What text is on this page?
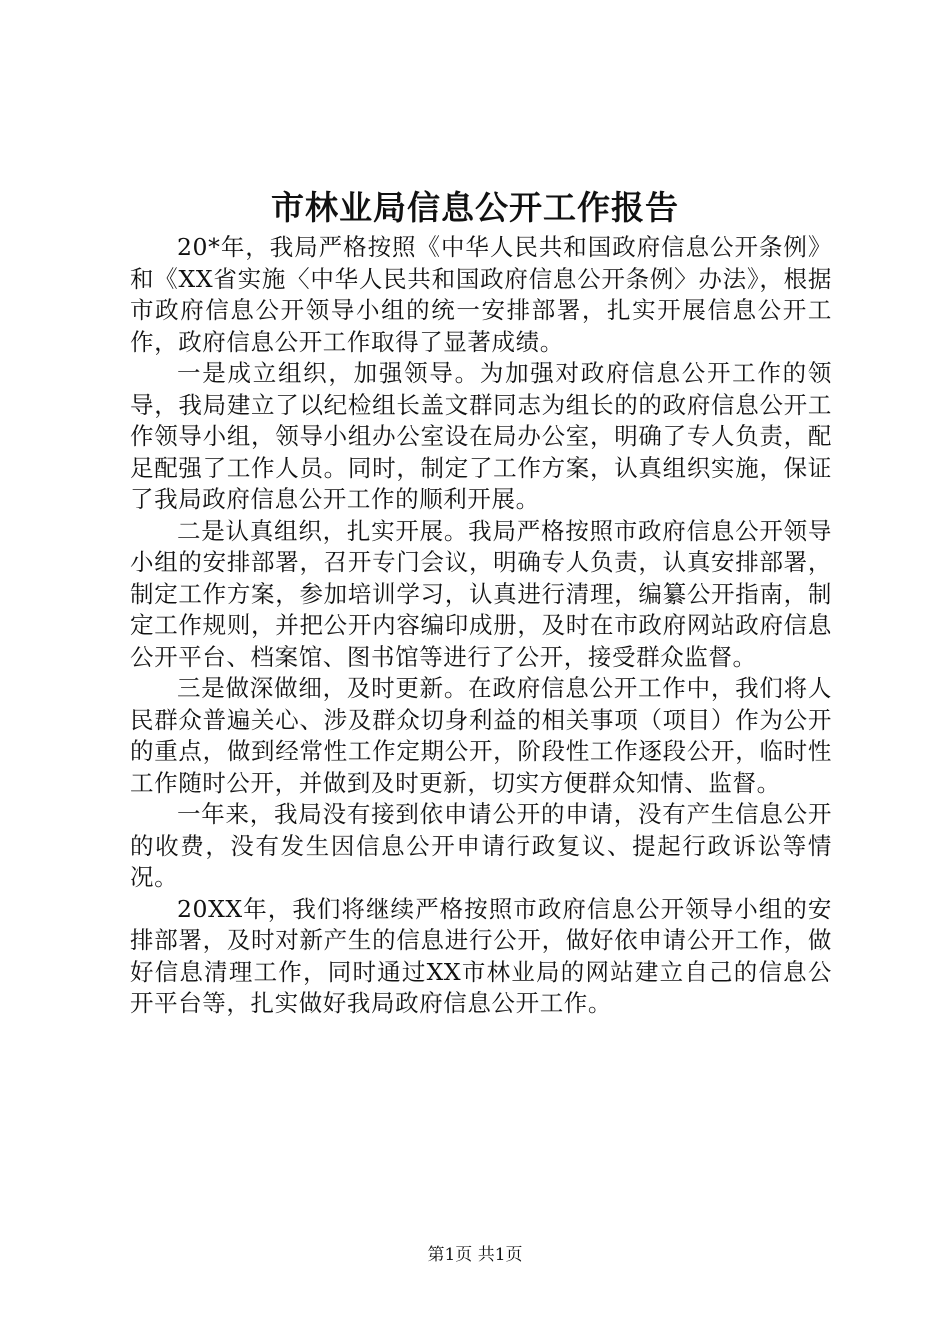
市林业局信息公开工作报告

20*年，我局严格按照《中华人民共和国政府信息公开条例》和《XX省实施〈中华人民共和国政府信息公开条例〉办法》，根据市政府信息公开领导小组的统一安排部署，扎实开展信息公开工作，政府信息公开工作取得了显著成绩。

一是成立组织，加强领导。为加强对政府信息公开工作的领导，我局建立了以纪检组长盖文群同志为组长的的政府信息公开工作领导小组，领导小组办公室设在局办公室，明确了专人负责，配足配强了工作人员。同时，制定了工作方案，认真组织实施，保证了我局政府信息公开工作的顺利开展。

二是认真组织，扎实开展。我局严格按照市政府信息公开领导小组的安排部署，召开专门会议，明确专人负责，认真安排部署，制定工作方案，参加培训学习，认真进行清理，编纂公开指南，制定工作规则，并把公开内容编印成册，及时在市政府网站政府信息公开平台、档案馆、图书馆等进行了公开，接受群众监督。

三是做深做细，及时更新。在政府信息公开工作中，我们将人民群众普遍关心、涉及群众切身利益的相关事项（项目）作为公开的重点，做到经常性工作定期公开，阶段性工作逐段公开，临时性工作随时公开，并做到及时更新，切实方便群众知情、监督。

一年来，我局没有接到依申请公开的申请，没有产生信息公开的收费，没有发生因信息公开申请行政复议、提起行政诉讼等情况。

20XX年，我们将继续严格按照市政府信息公开领导小组的安排部署，及时对新产生的信息进行公开，做好依申请公开工作，做好信息清理工作，同时通过XX市林业局的网站建立自己的信息公开平台等，扎实做好我局政府信息公开工作。

第1页 共1页
